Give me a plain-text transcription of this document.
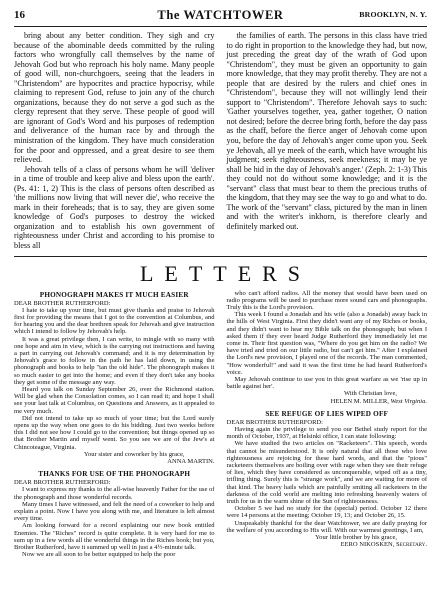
16	The WATCHTOWER	BROOKLYN, N. Y.

bring about any better condition. They sigh and cry because of the abominable deeds committed by the ruling factors who wrongfully call themselves by the name of Jehovah God but who reproach his holy name. Many people of good will, non-churchgoers, seeing that the leaders in "Christendom" are hypocrites and practice hypocrisy, while claiming to represent God, refuse to join any of the church organizations, because they do not serve a god such as the clergy represent that they serve. These people of good will are ignorant of God's Word and his purposes of redemption and deliverance of the human race by and through the ministration of the kingdom. They have much consideration for the poor and oppressed, and a great desire to see them relieved.

Jehovah tells of a class of persons whom he will 'deliver in a time of trouble and keep alive and bless upon the earth'. (Ps. 41: 1, 2) This is the class of persons often described as 'the millions now living that will never die', who receive the mark in their foreheads; that is to say, they are given some knowledge of God's purposes to destroy the wicked organization and to establish his own government of righteousness under Christ and according to his promise to bless all

the families of earth. The persons in this class have tried to do right in proportion to the knowledge they had, but now, just preceding the great day of the wrath of God upon "Christendom", they must be given an opportunity to gain more knowledge, that they may profit thereby. They are not a people that are desired by the rulers and chief ones in "Christendom", because they will not willingly lend their support to "Christendom". Therefore Jehovah says to such: 'Gather yourselves together, yea, gather together, O nation not desired; before the decree bring forth, before the day pass as the chaff, before the fierce anger of Jehovah come upon you, before the day of Jehovah's anger come upon you. Seek ye Jehovah, all ye meek of the earth, which have wrought his judgment; seek righteousness, seek meekness; it may be ye shall be hid in the day of Jehovah's anger.' (Zeph. 2: 1-3) This they could not do without some knowledge; and it is the "servant" class that must bear to them the precious truths of the kingdom, that they may see the way to go and what to do. The work of the "servant" class, pictured by the man in linen and with the writer's inkhorn, is therefore clearly and definitely marked out.

LETTERS
PHONOGRAPH MAKES IT MUCH EASIER
DEAR BROTHER RUTHERFORD:

I hate to take up your time, but must give thanks and praise to Jehovah first for providing the means that I got to the convention at Columbus, and for hearing you and the dear brethren speak for Jehovah and give instruction which I intend to follow by Jehovah's help.

It was a great privilege then, I can write, to mingle with so many with one hope and aim in view, which is the carrying out instructions and having a part in carrying out Jehovah's command; and it is my determination by Jehovah's grace to follow in the path he has laid down, in using the phonograph and books to help "tan the old hide". The phonograph makes it so much easier to get into the home; and even if they don't take any books they get some of the message any way.

Heard you talk on Sunday September 26, over the Richmond station. Will be glad when the Consolation comes, so I can read it; and hope I shall see your last talk at Columbus, on Questions and Answers, as it appealed to me very much.

Did not intend to take up so much of your time; but the Lord surely opens up the way when one goes to do his bidding. Just two weeks before this I did not see how I could go to the convention; but things opened up so that Brother Martin and myself went. So you see we are of the Jew's at Chincoteague, Virginia.

Your sister and coworker by his grace,
ANNA MARTIN.
THANKS FOR USE OF THE PHONOGRAPH
DEAR BROTHER RUTHERFORD:

I want to express my thanks to the all-wise heavenly Father for the use of the phonograph and those wonderful records.

Many times I have witnessed, and felt the need of a coworker to help and explain a point. Now I have you along with me, and literature is left almost every time.

Am looking forward for a record explaining our new book entitled Enemies. The "Riches" record is quite complete. It is very hard for me to sum up in a few words all the wonderful things in the Riches book; but you, Brother Rutherford, have it summed up well in just a 4½-minute talk.

Now we are all soon to be better equipped to help the poor

who can't afford radios. All the money that would have been used on radio programs will be used to purchase more sound cars and phonographs. Truly this is the Lord's provision.

This week I found a Jonadab and his wife (also a Jonadab) away back in the hills of West Virginia. First they didn't want any of my Riches or books, and they didn't want to hear my Bible talk on the phonograph; but when I asked them if they ever heard Judge Rutherford they immediately let me come in. Their first question was, "Where do you get him on the radio? We have tried and tried on our little radio, but can't get him." After I explained the Lord's new provision, I played one of the records. The man commented, "How wonderful!" and said it was the first time he had heard Rutherford's voice.

May Jehovah continue to use you in this great warfare as we 'rise up in battle against her'.

With Christian love,
HELEN M. MILLER, West Virginia.
SEE REFUGE OF LIES WIPED OFF
DEAR BROTHER RUTHERFORD:

Having again the privilege to send you our Bethel study report for the month of October, 1937, at Helsinki office, I can state following:

We have studied the two articles on "Racketeers". This speech, words that cannot be misunderstood. It is only natural that all those who love righteousness are rejoicing for these hard words, and that the "pious" racketeers themselves are boiling over with rage when they see their refuge of lies, which they have considered as unconquerable, wiped off as a tiny, trifling thing. Surely this is "strange work", and we are waiting for more of that kind. The heavy hails which are painfully smiting all racketeers in the darkness of the cold world are melting into refreshing heavenly waters of truth for us in the warm shine of the Sun of righteousness.

October 5 we had no study for the (special) period. October 12 there were 14 persons at the meeting; October 19, 13; and October 26, 15.

Unspeakably thankful for the dear Watchtower, we are daily praying for the welfare of you according to His will. With our warmest greetings, I am,

Your little brother by his grace,
EERO NIKOSKEN, Secretary.
